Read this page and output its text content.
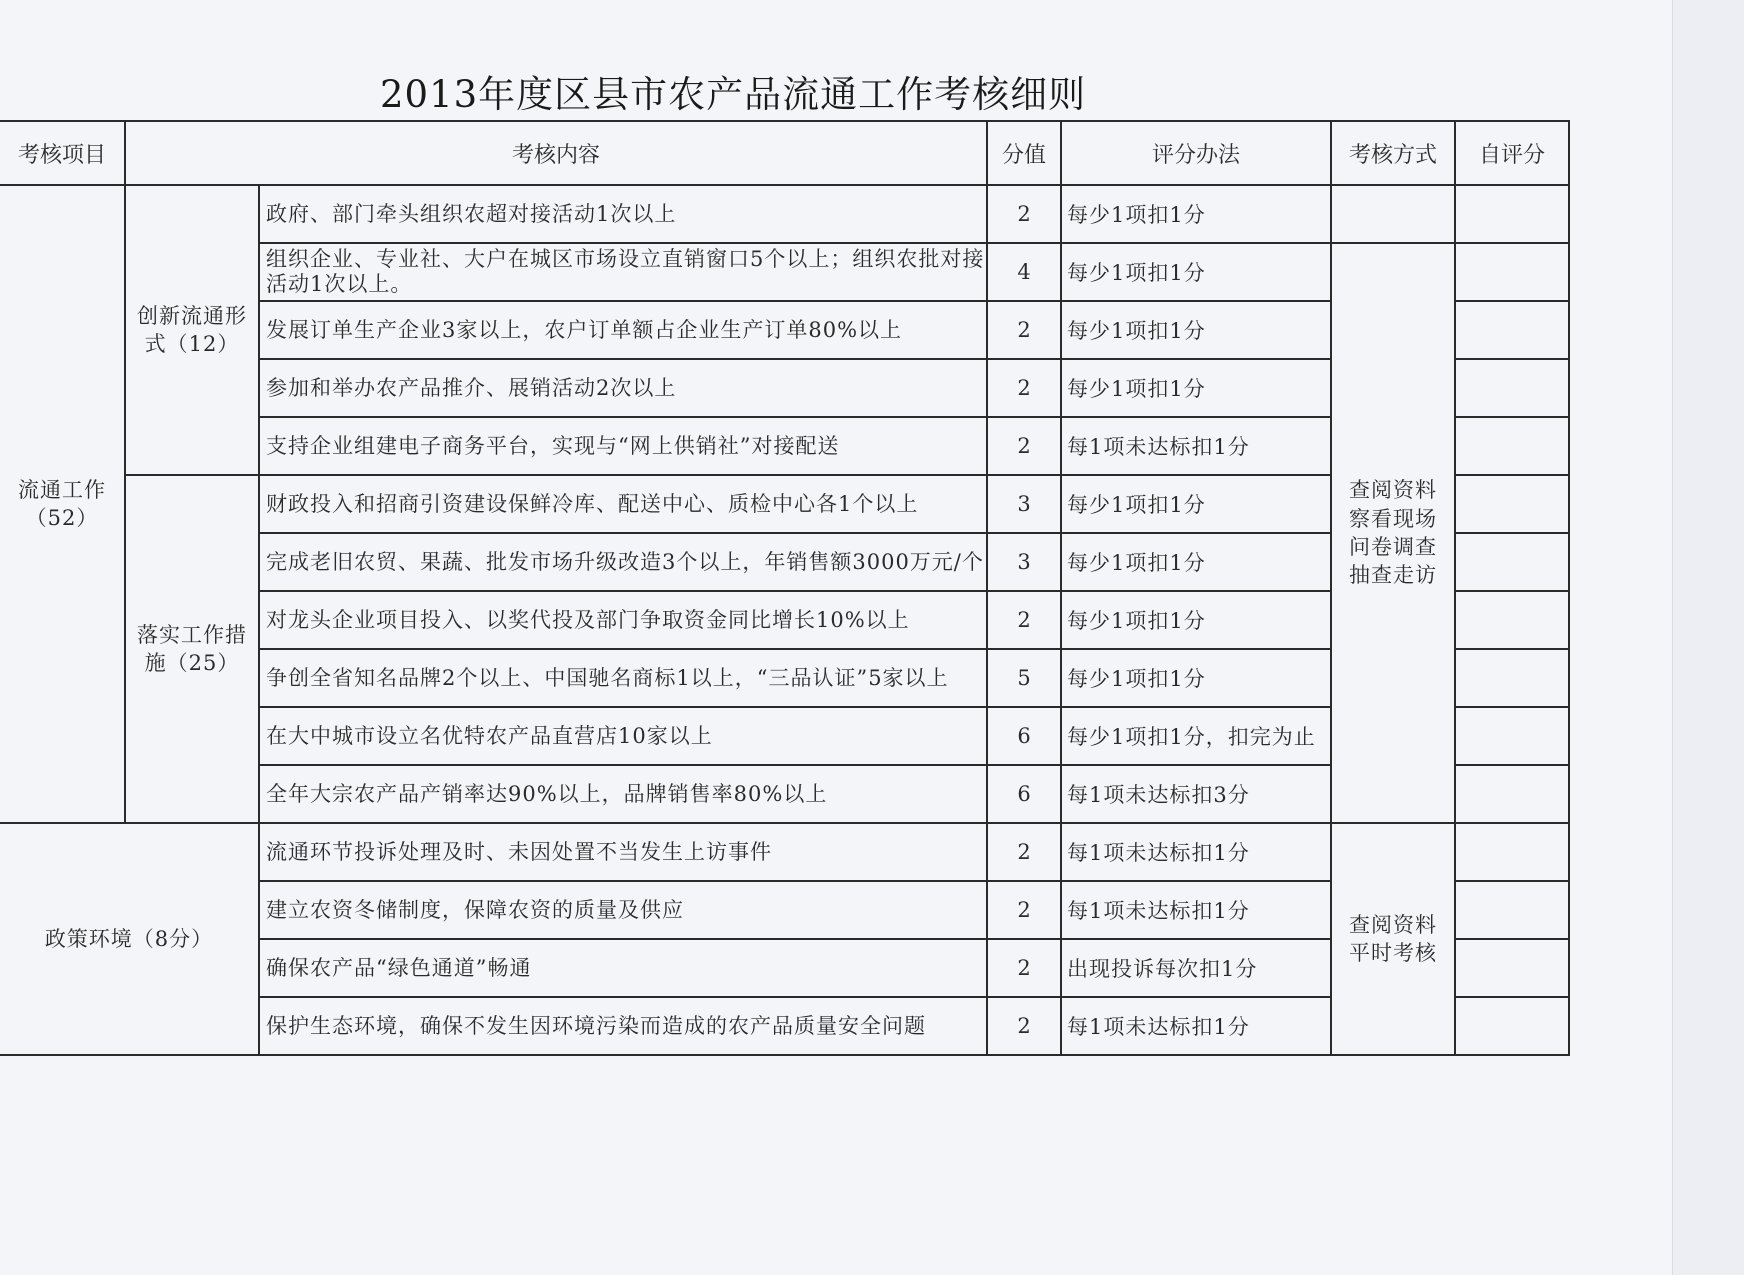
2013年度区县市农产品流通工作考核细则
考核项目	考核内容		分值	评分办法	考核方式	自评分
流通工作（52）	创新流通形式（12）	政府、部门牵头组织农超对接活动1次以上	2	每少1项扣1分		
		组织企业、专业社、大户在城区市场设立直销窗口5个以上；组织农批对接活动1次以上。	4	每少1项扣1分	查阅资料
察看现场
问卷调查
抽查走访	

		发展订单生产企业3家以上，农户订单额占企业生产订单80%以上	2	每少1项扣1分		
		参加和举办农产品推介、展销活动2次以上	2	每少1项扣1分		
		支持企业组建电子商务平台，实现与“网上供销社”对接配送	2	每1项未达标扣1分		
	落实工作措施（25）	财政投入和招商引资建设保鲜冷库、配送中心、质检中心各1个以上	3	每少1项扣1分		
		完成老旧农贸、果蔬、批发市场升级改造3个以上，年销售额3000万元/个	3	每少1项扣1分		
		对龙头企业项目投入、以奖代投及部门争取资金同比增长10%以上	2	每少1项扣1分		
		争创全省知名品牌2个以上、中国驰名商标1以上，“三品认证”5家以上	5	每少1项扣1分		
		在大中城市设立名优特农产品直营店10家以上	6	每少1项扣1分，扣完为止		
		全年大宗农产品产销率达90%以上，品牌销售率80%以上	6	每1项未达标扣3分		
政策环境（8分）		流通环节投诉处理及时、未因处置不当发生上访事件	2	每1项未达标扣1分	查阅资料
平时考核	

		建立农资冬储制度，保障农资的质量及供应	2	每1项未达标扣1分		
		确保农产品“绿色通道”畅通	2	出现投诉每次扣1分		
		保护生态环境，确保不发生因环境污染而造成的农产品质量安全问题	2	每1项未达标扣1分		
